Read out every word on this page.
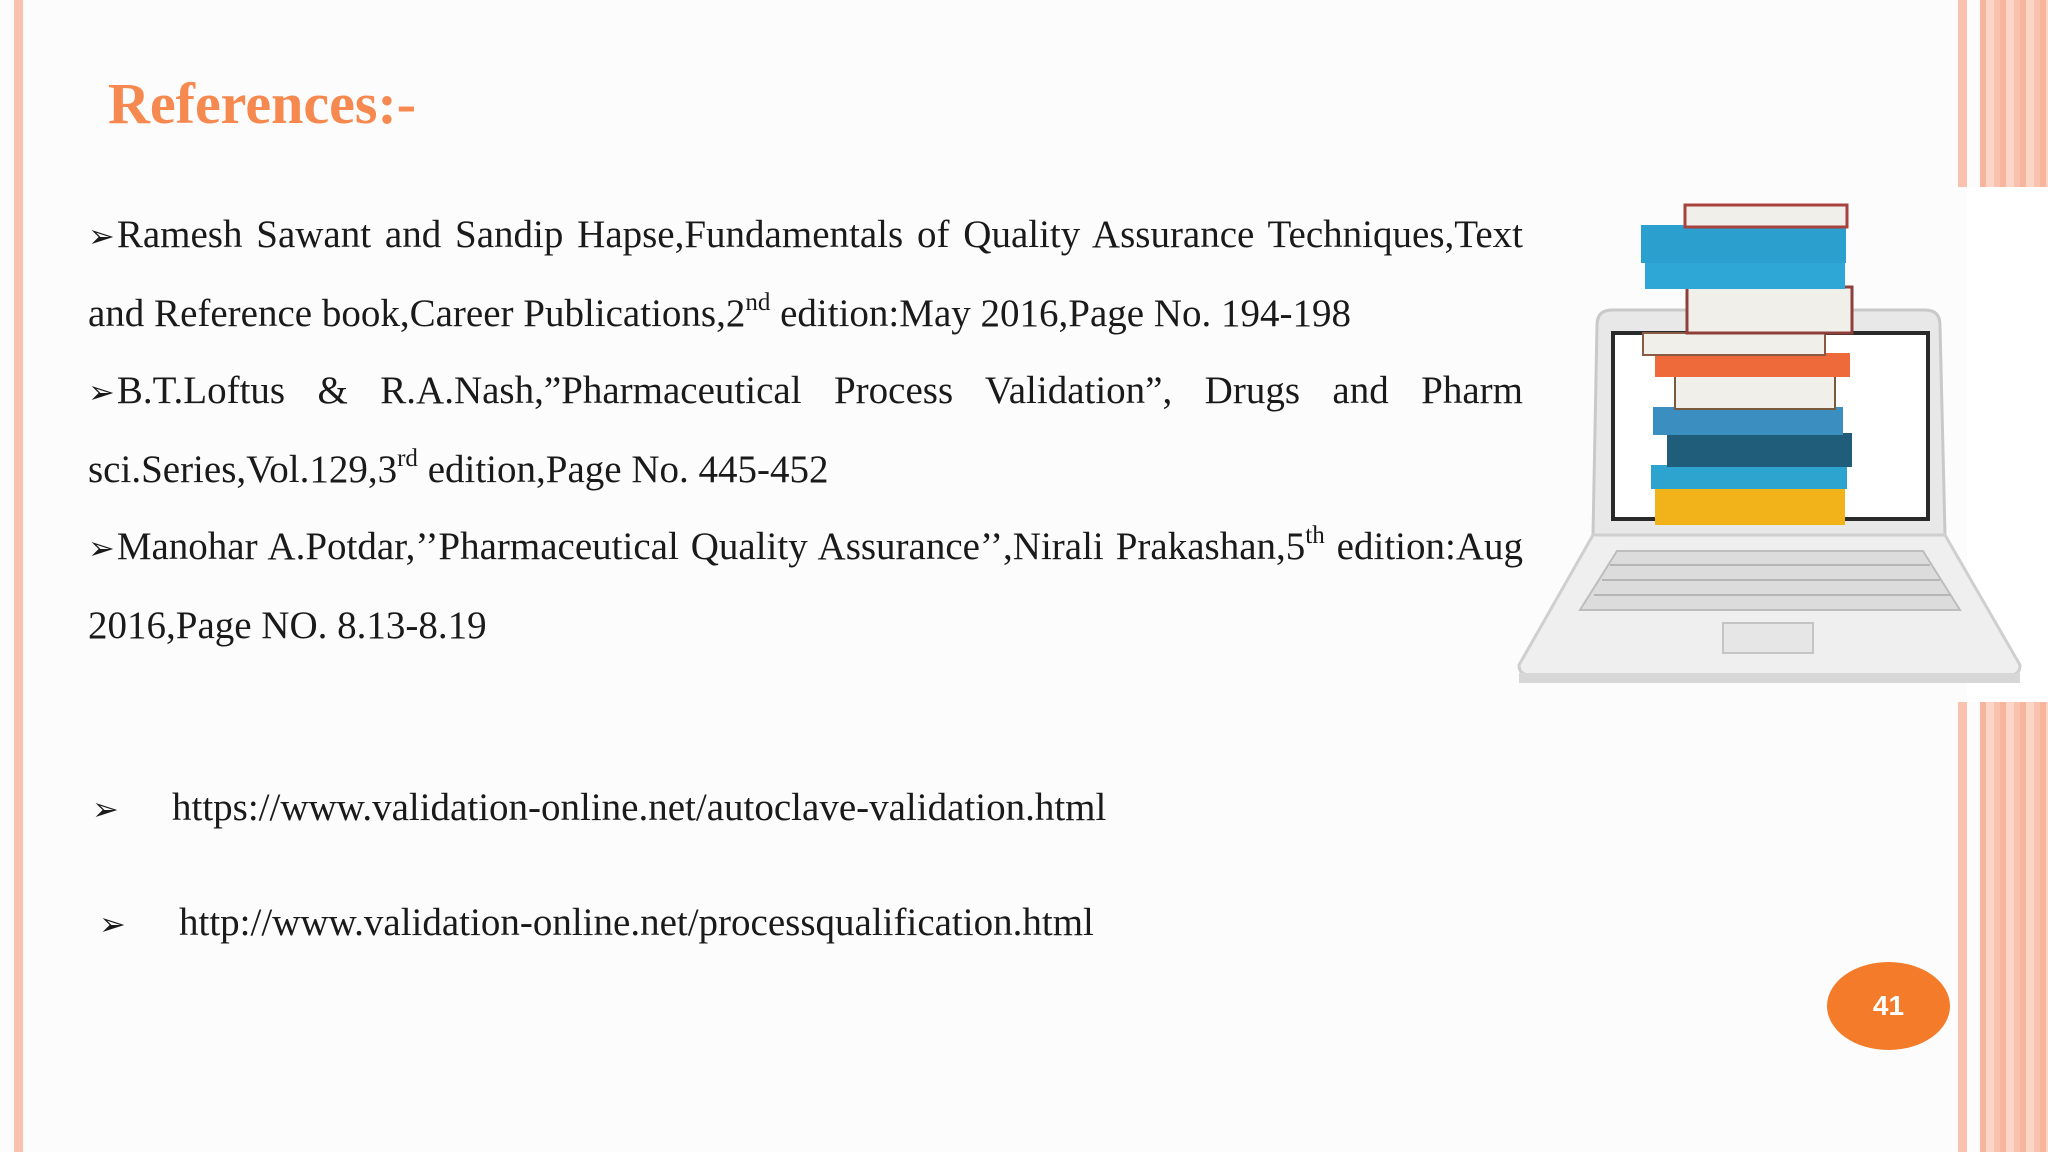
References:-

➢Ramesh Sawant and Sandip Hapse,Fundamentals of Quality Assurance Techniques,Text and Reference book,Career Publications,2nd edition:May 2016,Page No. 194-198

➢B.T.Loftus & R.A.Nash,”Pharmaceutical Process Validation”, Drugs and Pharm sci.Series,Vol.129,3rd edition,Page No. 445-452

➢Manohar A.Potdar,’’Pharmaceutical Quality Assurance’’,Nirali Prakashan,5th edition:Aug 2016,Page NO. 8.13-8.19

➢ https://www.validation-online.net/autoclave-validation.html
➢ http://www.validation-online.net/processqualification.html
41
